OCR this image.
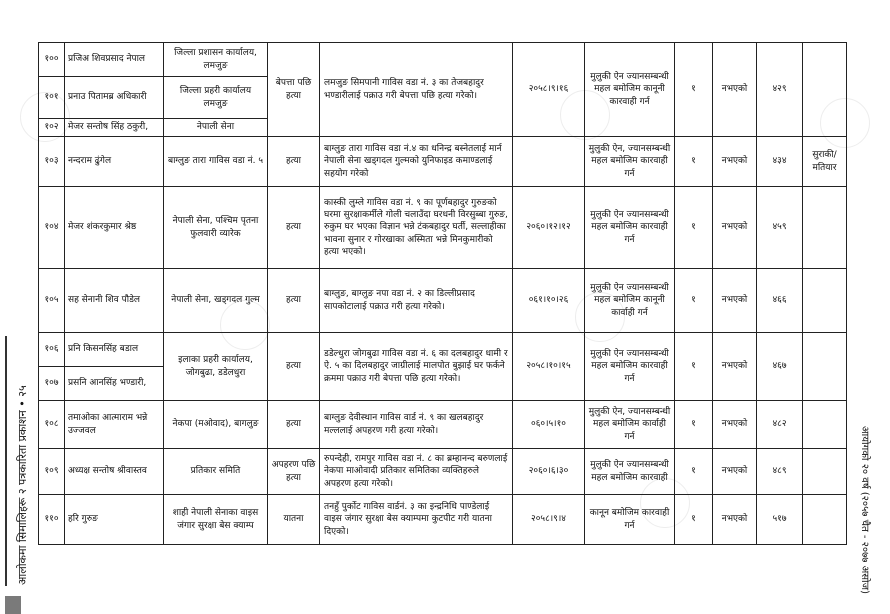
आलोकमा सिमालिहरू २ पत्रकारिता प्रकाशन • २५
आयोगको २० वर्ष (२०५७ चैत - २०७७ असोज)
१००	प्रजिअ शिवप्रसाद नेपाल	जिल्ला प्रशासन कार्यालय, लमजुङ	बेपत्ता पछि हत्या	लमजुङ सिमपानी गाविस वडा नं. ३ का तेजबहादुर भण्डारीलाई पक्राउ गरी बेपत्ता पछि हत्या गरेको।	२०५८।९।१६	मुलुकी ऐन ज्यानसम्बन्धी महल बमोजिम कानूनी कारवाही गर्न	१	नभएको	४२९	
१०१	प्रनाउ पितामब्र अधिकारी	जिल्ला प्रहरी कार्यालय लमजुङ								
१०२	मेजर सन्तोष सिंह ठकुरी,	नेपाली सेना								
१०३	नन्दराम ढुंगेल	बाग्लुङ तारा गाविस वडा नं. ५	हत्या	बाग्लुङ तारा गाविस वडा नं.४ का धनिन्द्र बस्नेतलाई मार्न नेपाली सेना खड्गदल गुल्मको युनिफाइड कमाण्डलाई सहयोग गरेको		मुलुकी ऐन, ज्यानसम्बन्धी महल बमोजिम कारवाही गर्न	१	नभएको	४३४	सुराकी/मतियार
१०४	मेजर शंकरकुमार श्रेष्ठ	नेपाली सेना, पश्चिम पृतना फुलवारी व्यारेक	हत्या	कास्की लुम्ले गाविस वडा नं. ९ का पूर्णबहादुर गुरुङको घरमा सुरक्षाकर्मीले गोली चलाउँदा घरधनी विरसुब्बा गुरुङ, रुकुम घर भएका विज्ञान भन्ने टंकबहादुर घर्ती, सल्लाहीका भावना सुनार र गोरखाका अस्मिता भन्ने मिनकुमारीको हत्या भएको।	२०६०।१२।१२	मुलुकी ऐन ज्यानसम्बन्धी महल बमोजिम कारवाही गर्न	१	नभएको	४५९	
१०५	सह सेनानी शिव पौडेल	नेपाली सेना, खड्गदल गुल्म	हत्या	बाग्लुङ, बाग्लुङ नपा वडा नं. २ का डिल्लीप्रसाद सापकोटालाई पक्राउ गरी हत्या गरेको।	०६१।१०।२६	मुलुकी ऐन ज्यानसम्बन्धी महल बमोजिम कानूनी कार्वाही गर्न	१	नभएको	४६६	
१०६	प्रनि किसनसिंह बडाल	इलाका प्रहरी कार्यालय, जोगबुढा, डडेलधुरा	हत्या	डडेल्धुरा जोगबुढा गाविस वडा नं. ६ का दलबहादुर धामी र ऐ. ५ का दिलबहादुर जाग्रीलाई मालपोत बुझाई घर फर्कने क्रममा पक्राउ गरी बेपत्ता पछि हत्या गरेको।	२०५८।१०।१५	मुलुकी ऐन ज्यानसम्बन्धी महल बमोजिम कारवाही गर्न	१	नभएको	४६७	
१०७	प्रसनि आनसिंह भण्डारी,									
१०८	तमाओका आत्माराम भन्ने उज्जवल	नेकपा (मओवाद), बागलुङ	हत्या	बाग्लुङ देवीस्थान गाविस वार्ड नं. ९ का खलबहादुर मल्ललाई अपहरण गरी हत्या गरेको।	०६०।५।१०	मुलुकी ऐन, ज्यानसम्बन्धी महल बमोजिम कार्वाही गर्न	१	नभएको	४८२	
१०९	अध्यक्ष सन्तोष श्रीवास्तव	प्रतिकार समिति	अपहरण पछि हत्या	रुपन्देही, रामपुर गाविस वडा नं. ८ का ब्रम्हानन्द बरुणलाई नेकपा माओवादी प्रतिकार समितिका व्यक्तिहरुले अपहरण हत्या गरेको।	२०६०।६।३०	मुलुकी ऐन ज्यानसम्बन्धी महल बमोजिम कारवाही	१	नभएको	४८९	
११०	हरि गुरुङ	शाही नेपाली सेनाका वाइस जंगार सुरक्षा बेस क्याम्प	यातना	तनहुँ पुर्कोट गाविस वार्डनं. ३ का इन्द्रनिधि पाण्डेलाई वाइस जंगार सुरक्षा बेस क्याम्पमा कुटपीट गरी यातना दिएको।	२०५८।९।४	कानून बमोजिम कारवाही गर्न	१	नभएको	५१७	
